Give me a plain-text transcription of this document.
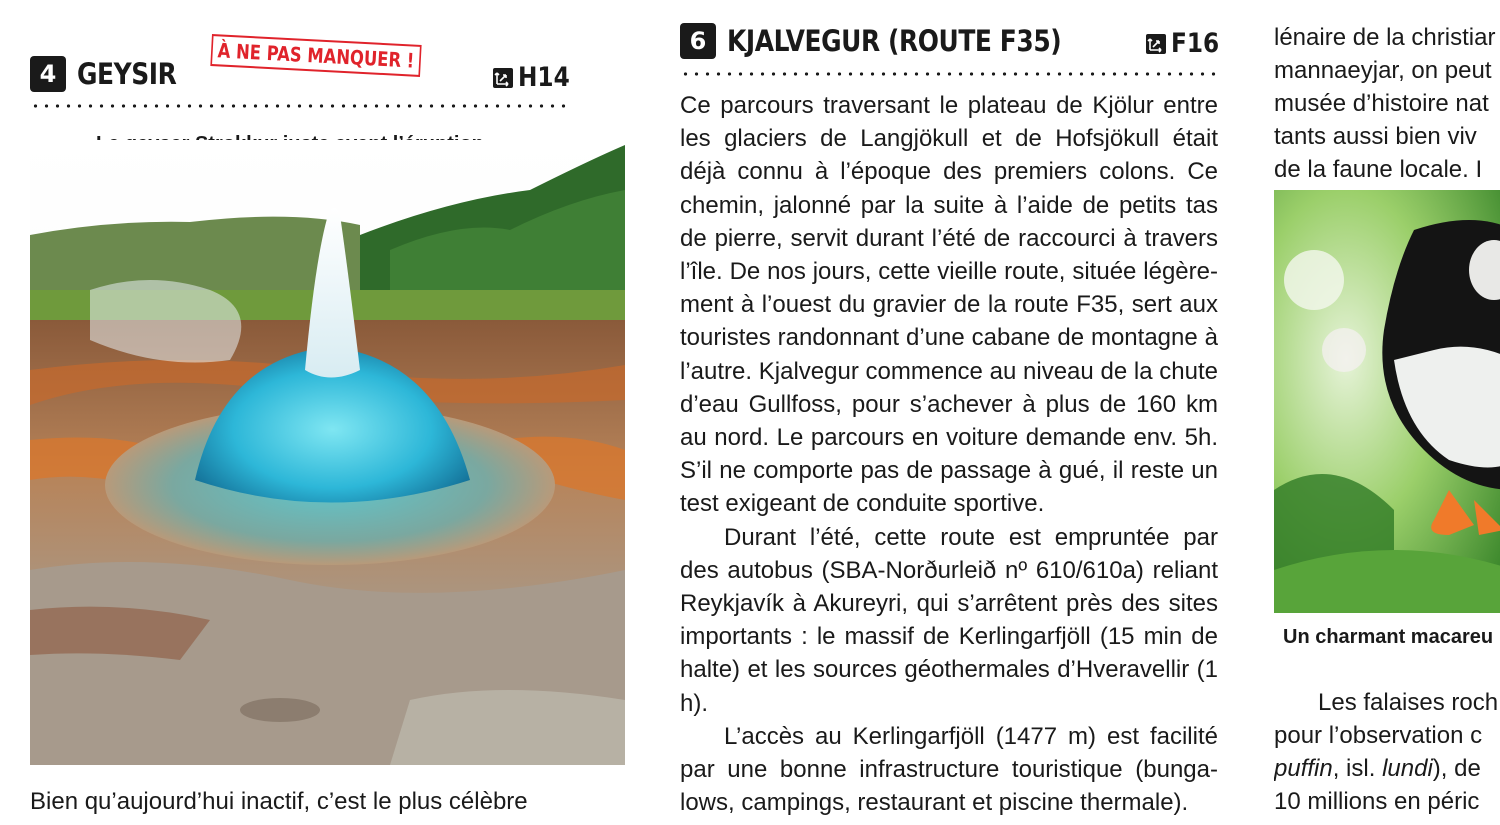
4 GEYSIR
À NE PAS MANQUER !
H14
Bien qu’aujourd’hui inactif, c’est le plus célèbre
6 KJALVEGUR (ROUTE F35)	F16

Ce parcours traversant le plateau de Kjölur entre les glaciers de Langjökull et de Hofsjökull était déjà connu à l’époque des premiers colons. Ce chemin, jalonné par la suite à l’aide de petits tas de pierre, servit durant l’été de raccourci à travers l’île. De nos jours, cette vieille route, située légèrement à l’ouest du gravier de la route F35, sert aux touristes randonnant d’une cabane de montagne à l’autre. Kjalvegur commence au niveau de la chute d’eau Gullfoss, pour s’achever à plus de 160 km au nord. Le parcours en voiture demande env. 5h. S’il ne comporte pas de passage à gué, il reste un test exigeant de conduite sportive.

Durant l’été, cette route est empruntée par des autobus (SBA-Norðurleið nº 610/610a) reliant Reykjavík à Akureyri, qui s’arrêtent près des sites importants : le massif de Kerlingarfjöll (15 min de halte) et les sources géothermales d’Hveravellir (1 h).

L’accès au Kerlingarfjöll (1477 m) est facilité par une bonne infrastructure touristique (bungalows, campings, restaurant et piscine thermale).

lénaire de la christiar
mannaeyjar, on peut
musée d’histoire nat
tants aussi bien viv
de la faune locale. I
Un charmant macareu
Les falaises roch
pour l’observation c
puffin, isl. lundi), de
10 millions en péric
